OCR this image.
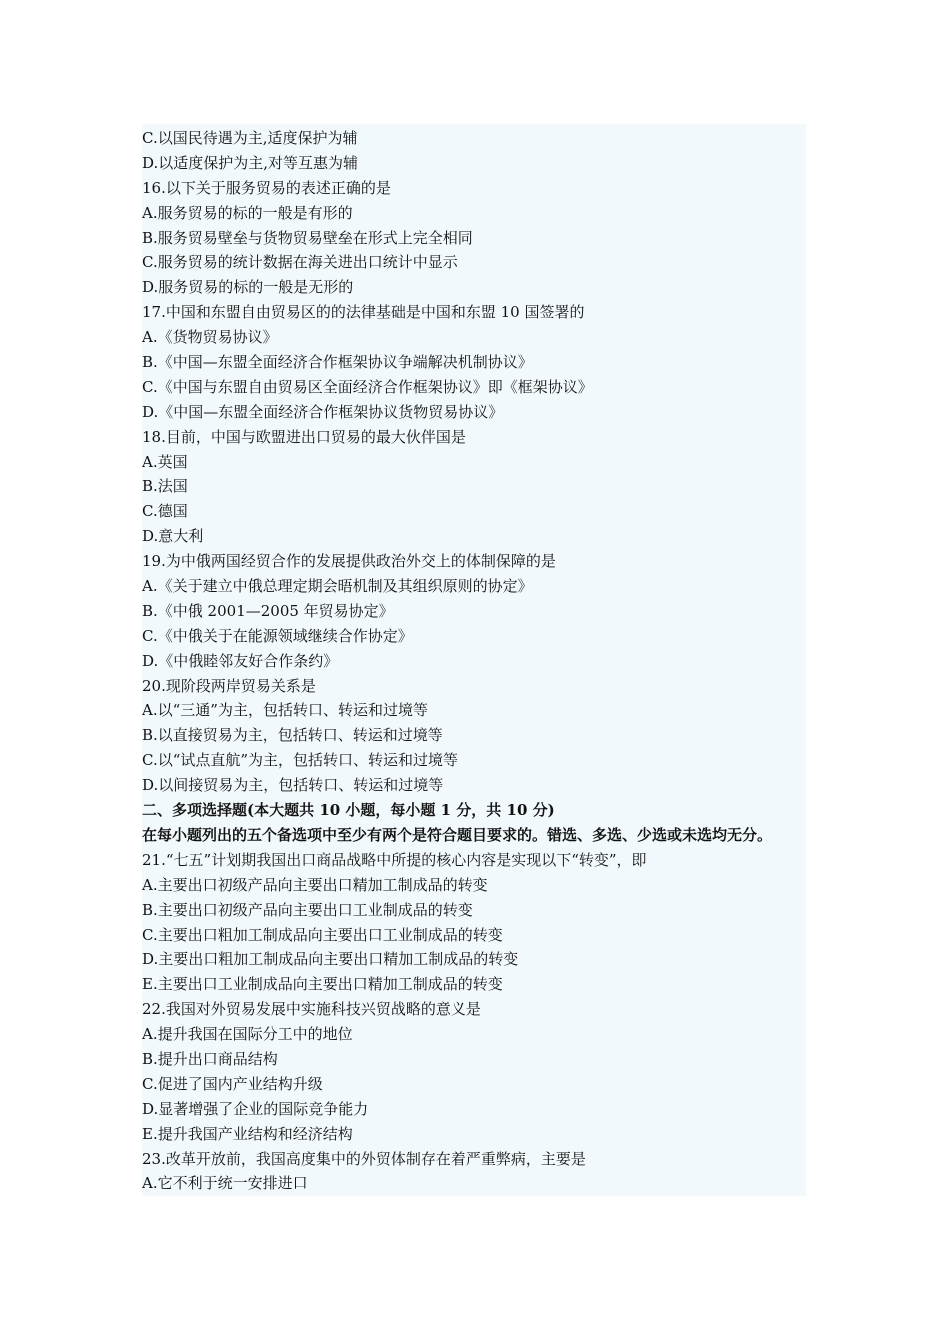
C.以国民待遇为主,适度保护为辅
D.以适度保护为主,对等互惠为辅
16.以下关于服务贸易的表述正确的是
A.服务贸易的标的一般是有形的
B.服务贸易壁垒与货物贸易壁垒在形式上完全相同
C.服务贸易的统计数据在海关进出口统计中显示
D.服务贸易的标的一般是无形的
17.中国和东盟自由贸易区的的法律基础是中国和东盟 10 国签署的
A.《货物贸易协议》
B.《中国—东盟全面经济合作框架协议争端解决机制协议》
C.《中国与东盟自由贸易区全面经济合作框架协议》即《框架协议》
D.《中国—东盟全面经济合作框架协议货物贸易协议》
18.目前，中国与欧盟进出口贸易的最大伙伴国是
A.英国
B.法国
C.德国
D.意大利
19.为中俄两国经贸合作的发展提供政治外交上的体制保障的是
A.《关于建立中俄总理定期会晤机制及其组织原则的协定》
B.《中俄 2001—2005 年贸易协定》
C.《中俄关于在能源领域继续合作协定》
D.《中俄睦邻友好合作条约》
20.现阶段两岸贸易关系是
A.以“三通”为主，包括转口、转运和过境等
B.以直接贸易为主，包括转口、转运和过境等
C.以“试点直航”为主，包括转口、转运和过境等
D.以间接贸易为主，包括转口、转运和过境等
二、多项选择题(本大题共 10 小题，每小题 1 分，共 10 分)
在每小题列出的五个备选项中至少有两个是符合题目要求的。错选、多选、少选或未选均无分。
21.“七五”计划期我国出口商品战略中所提的核心内容是实现以下“转变”，即
A.主要出口初级产品向主要出口精加工制成品的转变
B.主要出口初级产品向主要出口工业制成品的转变
C.主要出口粗加工制成品向主要出口工业制成品的转变
D.主要出口粗加工制成品向主要出口精加工制成品的转变
E.主要出口工业制成品向主要出口精加工制成品的转变
22.我国对外贸易发展中实施科技兴贸战略的意义是
A.提升我国在国际分工中的地位
B.提升出口商品结构
C.促进了国内产业结构升级
D.显著增强了企业的国际竞争能力
E.提升我国产业结构和经济结构
23.改革开放前，我国高度集中的外贸体制存在着严重弊病，主要是
A.它不利于统一安排进口
